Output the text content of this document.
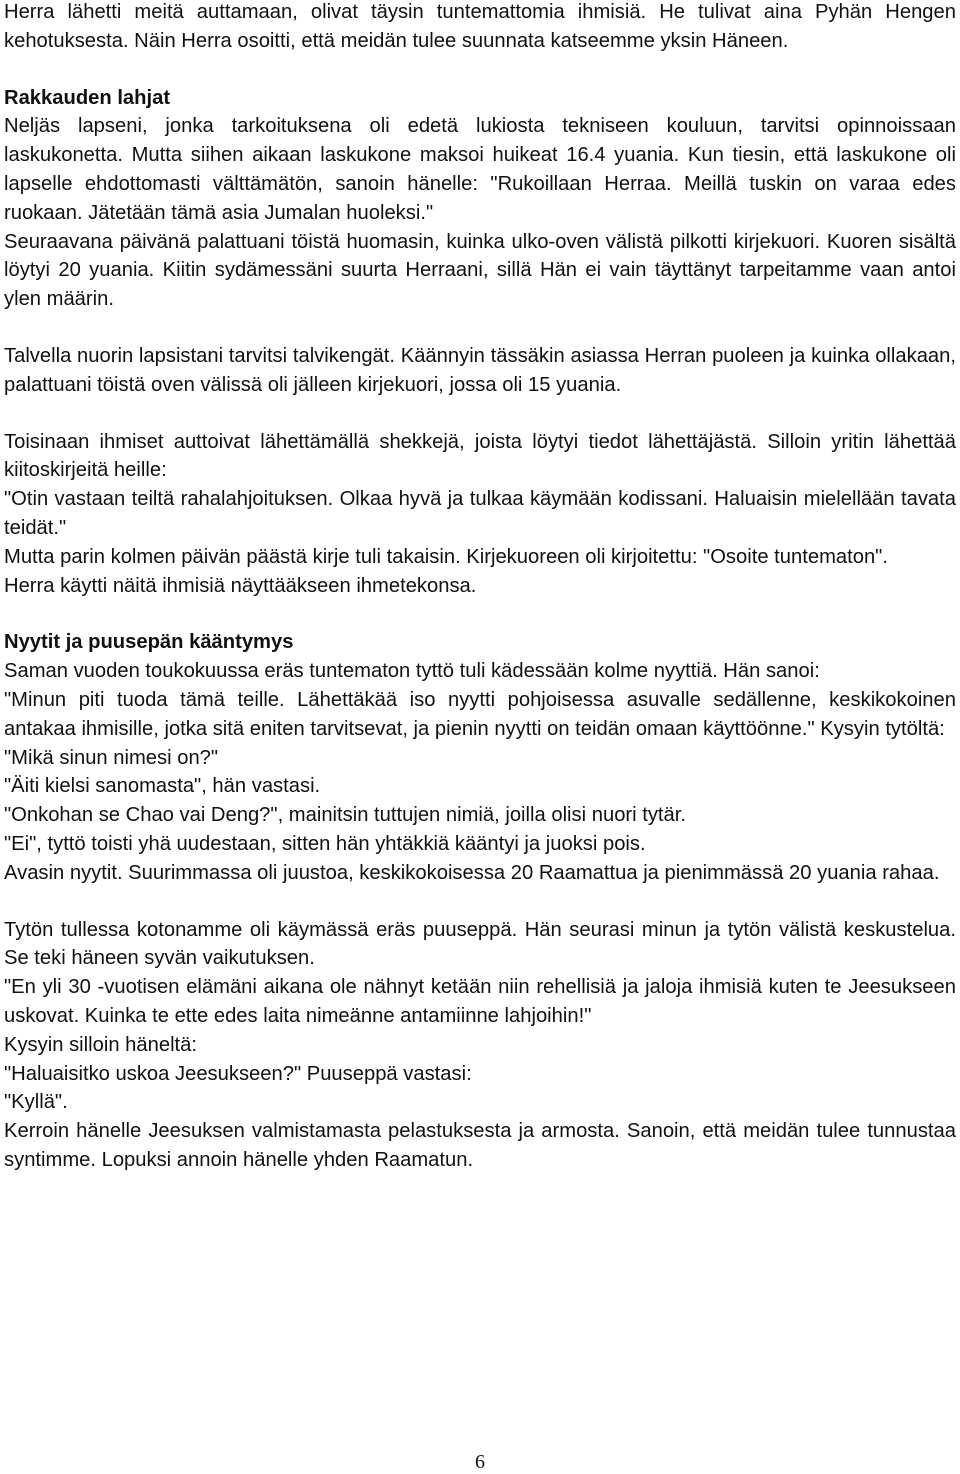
Herra lähetti meitä auttamaan, olivat täysin tuntemattomia ihmisiä. He tulivat aina Pyhän Hengen kehotuksesta. Näin Herra osoitti, että meidän tulee suunnata katseemme yksin Häneen.

Rakkauden lahjat

Neljäs lapseni, jonka tarkoituksena oli edetä lukiosta tekniseen kouluun, tarvitsi opinnoissaan laskukonetta. Mutta siihen aikaan laskukone maksoi huikeat 16.4 yuania. Kun tiesin, että laskukone oli lapselle ehdottomasti välttämätön, sanoin hänelle: "Rukoillaan Herraa. Meillä tuskin on varaa edes ruokaan. Jätetään tämä asia Jumalan huoleksi."

Seuraavana päivänä palattuani töistä huomasin, kuinka ulko-oven välistä pilkotti kirjekuori. Kuoren sisältä löytyi 20 yuania. Kiitin sydämessäni suurta Herraani, sillä Hän ei vain täyttänyt tarpeitamme vaan antoi ylen määrin.

Talvella nuorin lapsistani tarvitsi talvikengät. Käännyin tässäkin asiassa Herran puoleen ja kuinka ollakaan, palattuani töistä oven välissä oli jälleen kirjekuori, jossa oli 15 yuania.

Toisinaan ihmiset auttoivat lähettämällä shekkejä, joista löytyi tiedot lähettäjästä. Silloin yritin lähettää kiitoskirjeitä heille:

"Otin vastaan teiltä rahalahjoituksen. Olkaa hyvä ja tulkaa käymään kodissani. Haluaisin mielellään tavata teidät."

Mutta parin kolmen päivän päästä kirje tuli takaisin. Kirjekuoreen oli kirjoitettu: "Osoite tuntematon".

Herra käytti näitä ihmisiä näyttääkseen ihmetekonsa.

Nyytit ja puusepän kääntymys

Saman vuoden toukokuussa eräs tuntematon tyttö tuli kädessään kolme nyyttiä. Hän sanoi:

"Minun piti tuoda tämä teille. Lähettäkää iso nyytti pohjoisessa asuvalle sedällenne, keskikokoinen antakaa ihmisille, jotka sitä eniten tarvitsevat, ja pienin nyytti on teidän omaan käyttöönne." Kysyin tytöltä:

"Mikä sinun nimesi on?"

"Äiti kielsi sanomasta", hän vastasi.

"Onkohan se Chao vai Deng?", mainitsin tuttujen nimiä, joilla olisi nuori tytär.

"Ei", tyttö toisti yhä uudestaan, sitten hän yhtäkkiä kääntyi ja juoksi pois.

Avasin nyytit. Suurimmassa oli juustoa, keskikokoisessa 20 Raamattua ja pienimmässä 20 yuania rahaa.

Tytön tullessa kotonamme oli käymässä eräs puuseppä. Hän seurasi minun ja tytön välistä keskustelua. Se teki häneen syvän vaikutuksen.

"En yli 30 -vuotisen elämäni aikana ole nähnyt ketään niin rehellisiä ja jaloja ihmisiä kuten te Jeesukseen uskovat. Kuinka te ette edes laita nimeänne antamiinne lahjoihin!"

Kysyin silloin häneltä:

"Haluaisitko uskoa Jeesukseen?" Puuseppä vastasi:

"Kyllä".

Kerroin hänelle Jeesuksen valmistamasta pelastuksesta ja armosta. Sanoin, että meidän tulee tunnustaa syntimme. Lopuksi annoin hänelle yhden Raamatun.

6
